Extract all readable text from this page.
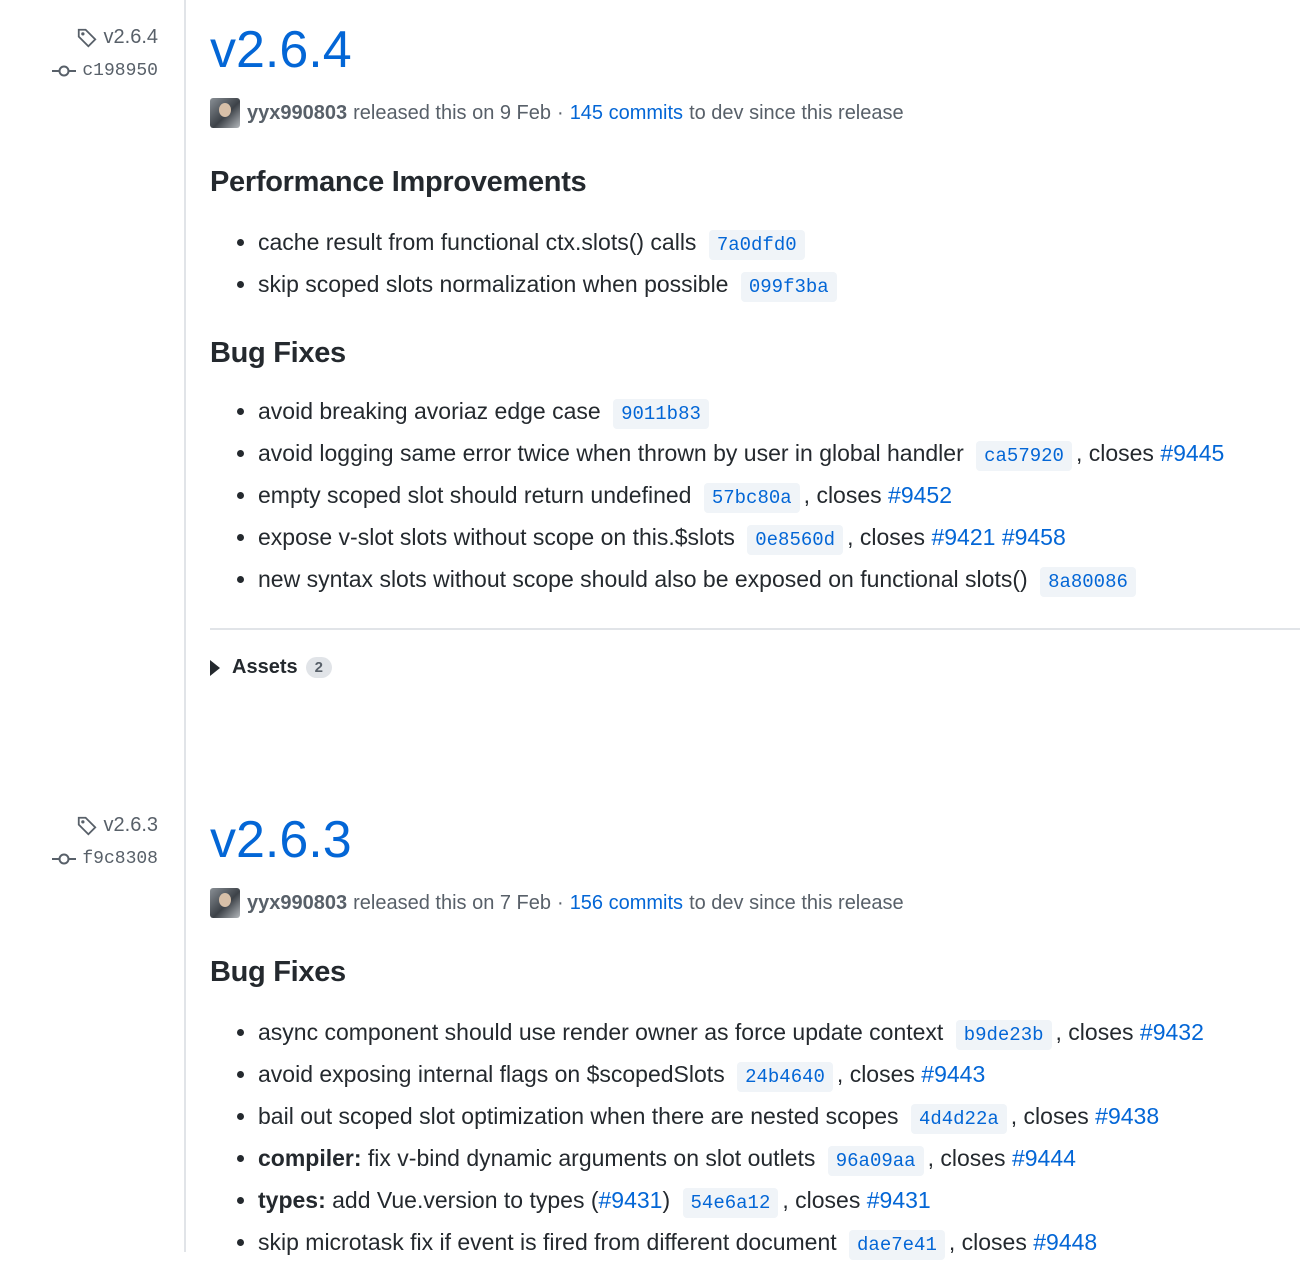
v2.6.4
c198950 v2.6.4
yyx990803 released this on 9 Feb · 145 commits to dev since this release
Performance Improvements
• cache result from functional ctx.slots() calls 7a0dfd0
• skip scoped slots normalization when possible 099f3ba
Bug Fixes
• avoid breaking avoriaz edge case 9011b83
• avoid logging same error twice when thrown by user in global handler ca57920 , closes #9445
• empty scoped slot should return undefined 57bc80a , closes #9452
• expose v-slot slots without scope on this.$slots 0e8560d , closes #9421 #9458
• new syntax slots without scope should also be exposed on functional slots() 8a80086
Assets	2
v2.6.3
f9c8308 v2.6.3
yyx990803 released this on 7 Feb · 156 commits to dev since this release
Bug Fixes
• async component should use render owner as force update context b9de23b , closes #9432
• avoid exposing internal flags on $scopedSlots 24b4640 , closes #9443
• bail out scoped slot optimization when there are nested scopes 4d4d22a , closes #9438
• compiler: fix v-bind dynamic arguments on slot outlets 96a09aa , closes #9444
• types: add Vue.version to types (#9431) 54e6a12 , closes #9431
• skip microtask fix if event is fired from different document dae7e41 , closes #9448
